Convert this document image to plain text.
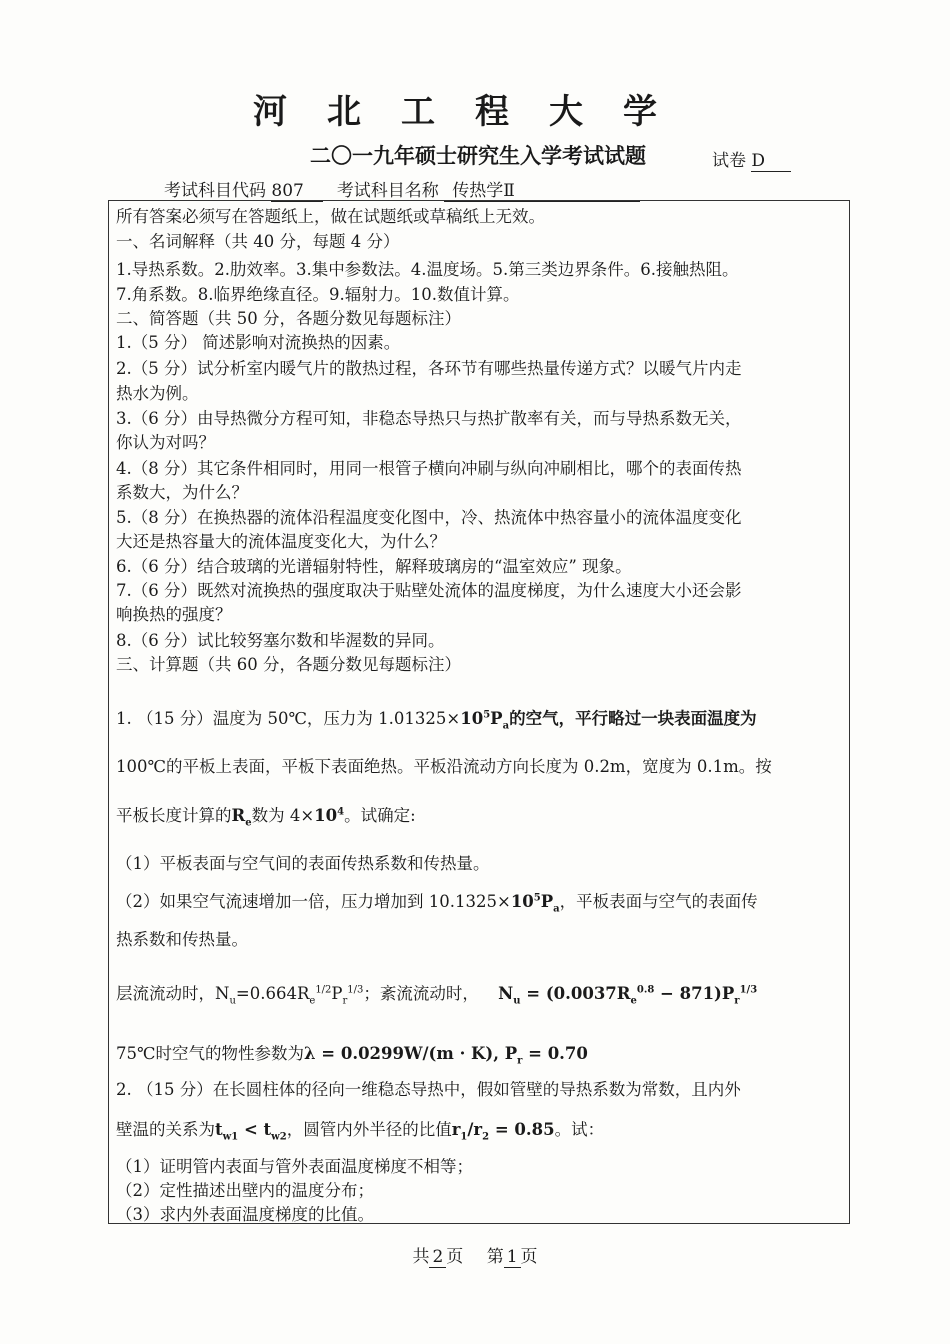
河北工程大学
二〇一九年硕士研究生入学考试试题	试卷 D
考试科目代码 807 考试科目名称 传热学Ⅱ
所有答案必须写在答题纸上，做在试题纸或草稿纸上无效。
一、名词解释（共 40 分，每题 4 分）
1.导热系数。2.肋效率。3.集中参数法。4.温度场。5.第三类边界条件。6.接触热阻。
7.角系数。8.临界绝缘直径。9.辐射力。10.数值计算。
二、简答题（共 50 分，各题分数见每题标注）
1.（5 分） 简述影响对流换热的因素。
2.（5 分）试分析室内暖气片的散热过程，各环节有哪些热量传递方式？以暖气片内走
热水为例。
3.（6 分）由导热微分方程可知，非稳态导热只与热扩散率有关，而与导热系数无关，
你认为对吗？
4.（8 分）其它条件相同时，用同一根管子横向冲刷与纵向冲刷相比，哪个的表面传热
系数大，为什么？
5.（8 分）在换热器的流体沿程温度变化图中，冷、热流体中热容量小的流体温度变化
大还是热容量大的流体温度变化大，为什么？
6.（6 分）结合玻璃的光谱辐射特性，解释玻璃房的“温室效应” 现象。
7.（6 分）既然对流换热的强度取决于贴壁处流体的温度梯度，为什么速度大小还会影
响换热的强度？
8.（6 分）试比较努塞尔数和毕渥数的异同。
三、计算题（共 60 分，各题分数见每题标注）
1. （15 分）温度为 50℃，压力为 $1.01325\times 10^5P_a$的空气，平行略过一块表面温度为
100℃的平板上表面，平板下表面绝热。平板沿流动方向长度为 0.2m，宽度为 0.1m。按
平板长度计算的$R_e$数为 $4\times 10^4$。试确定:
（1）平板表面与空气间的表面传热系数和传热量。
（2）如果空气流速增加一倍，压力增加到 $10.1325\times 10^5P_a$，平板表面与空气的表面传
热系数和传热量。
层流流动时，$N_u=0.664R_e^{1/2}P_r^{1/3}$；紊流流动时， $N_u = (0.0037R_e^{0.8} - 871)P_r^{1/3}$
75℃时空气的物性参数为λ = 0.0299W/(m · K), $P_r = 0.70$
2. （15 分）在长圆柱体的径向一维稳态导热中，假如管壁的导热系数为常数，且内外
壁温的关系为$t_{w1} < t_{w2}$，圆管内外半径的比值$r_1/r_2 = 0.85$。试：
（1）证明管内表面与管外表面温度梯度不相等；
（2）定性描述出壁内的温度分布；
（3）求内外表面温度梯度的比值。
共 2 页 第 1 页
